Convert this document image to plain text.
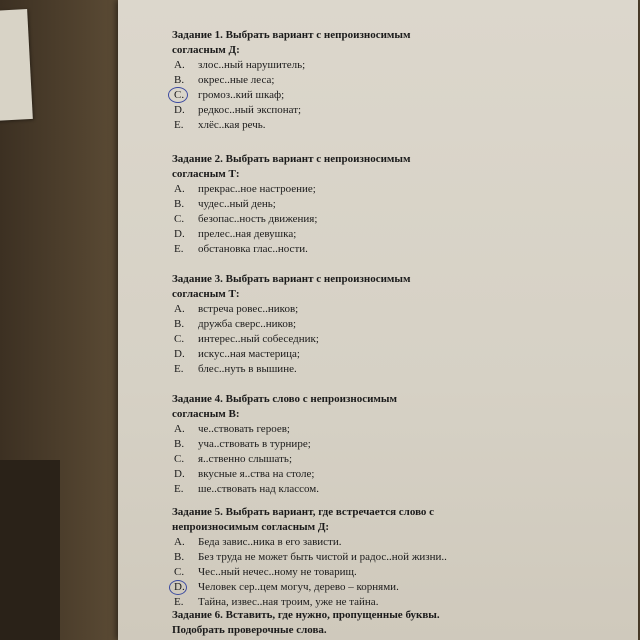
Задание 1. Выбрать вариант с непроизносимым
согласным Д:
A. злос..ный нарушитель;
B. окрес..ные леса;
C. громоз..кий шкаф;
D. редкос..ный экспонат;
E. хлёс..кая речь.
Задание 2. Выбрать вариант с непроизносимым
согласным Т:
A. прекрас..ное настроение;
B. чудес..ный день;
C. безопас..ность движения;
D. прелес..ная девушка;
E. обстановка глас..ности.
Задание 3. Выбрать вариант с непроизносимым
согласным Т:
A. встреча ровес..ников;
B. дружба сверс..ников;
C. интерес..ный собеседник;
D. искус..ная мастерица;
E. блес..нуть в вышине.
Задание 4. Выбрать слово с непроизносимым
согласным В:
A. че..ствовать героев;
B. уча..ствовать в турнире;
C. я..ственно слышать;
D. вкусные я..ства на столе;
E. ше..ствовать над классом.
Задание 5. Выбрать вариант, где встречается слово с
непроизносимым согласным Д:
A. Беда завис..ника в его зависти.
B. Без труда не может быть чистой и радос..ной жизни..
C. Чес..ный нечес..ному не товарищ.
D. Человек сер..цем могуч, дерево – корнями.
E. Тайна, извес..ная троим, уже не тайна.
Задание 6. Вставить, где нужно, пропущенные буквы.
Подобрать проверочные слова.
